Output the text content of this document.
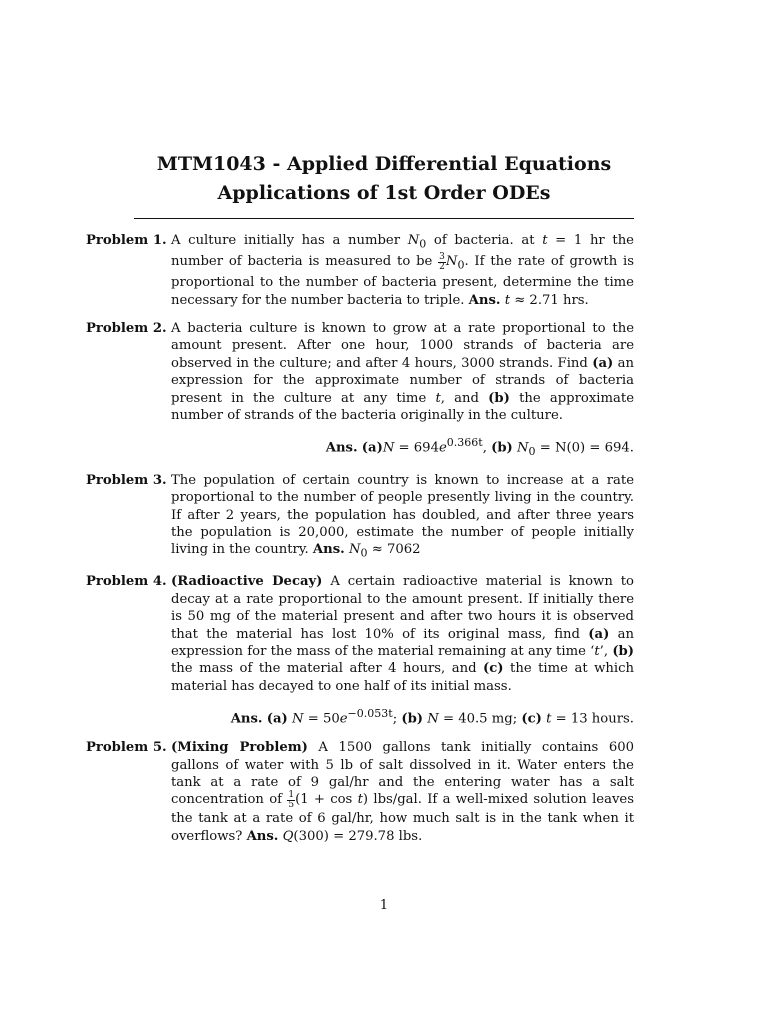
MTM1043 - Applied Differential Equations
Applications of 1st Order ODEs
Problem 1. A culture initially has a number $N_0$ of bacteria. at t = 1 hr the number of bacteria is measured to be $\frac{3}{2} N_0$. If the rate of growth is proportional to the number of bacteria present, determine the time necessary for the number bacteria to triple. Ans. t ≈ 2.71 hrs.
Problem 2. A bacteria culture is known to grow at a rate proportional to the amount present. After one hour, 1000 strands of bacteria are observed in the culture; and after 4 hours, 3000 strands. Find (a) an expression for the approximate number of strands of bacteria present in the culture at any time t, and (b) the approximate number of strands of the bacteria originally in the culture.
Ans. $(a)N = 694e^{0.366t}$, (b) $N_0 = N(0) = 694$.
Problem 3. The population of certain country is known to increase at a rate proportional to the number of people presently living in the country. If after 2 years, the population has doubled, and after three years the population is 20,000, estimate the number of people initially living in the country. Ans. $N_0 \approx 7062$
Problem 4. (Radioactive Decay) A certain radioactive material is known to decay at a rate proportional to the amount present. If initially there is 50 mg of the material present and after two hours it is observed that the material has lost 10% of its original mass, find (a) an expression for the mass of the material remaining at any time ‘t’, (b) the mass of the material after 4 hours, and (c) the time at which material has decayed to one half of its initial mass.
Ans. (a) $N = 50e^{-0.053t}$; (b) N = 40.5 mg; (c) t = 13 hours.
Problem 5. (Mixing Problem) A 1500 gallons tank initially contains 600 gallons of water with 5 lb of salt dissolved in it. Water enters the tank at a rate of 9 gal/hr and the entering water has a salt concentration of $\frac{1}{5} (1 + \cos t)$ lbs/gal. If a well-mixed solution leaves the tank at a rate of 6 gal/hr, how much salt is in the tank when it overflows? Ans. Q(300) = 279.78 lbs.
1
